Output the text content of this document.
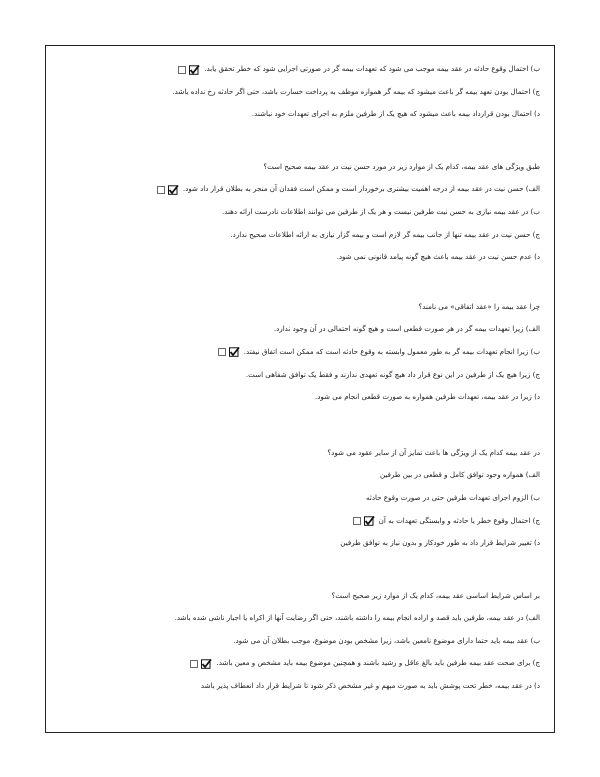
ب) احتمال وقوع حادثه در عقد بیمه موجب می شود که تعهدات بیمه گر در صورتی اجرایی شود که خطر تحقق یابد.
ج) احتمال بودن تعهد بیمه گر باعث میشود که بیمه گر همواره موظف به پرداخت خسارت باشد، حتی اگر حادثه رخ نداده باشد.
د) احتمال بودن قرارداد بیمه باعث میشود که هیچ یک از طرفین ملزم به اجرای تعهدات خود نباشند.
طبق ویژگی های عقد بیمه، کدام یک از موارد زیر در مورد حسن نیت در عقد بیمه صحیح است؟
الف) حسن نیت در عقد بیمه از درجه اهمیت بیشتری برخوردار است و ممکن است فقدان آن منجر به بطلان قرار داد شود.
ب) در عقد بیمه نیازی به حسن نیت طرفین نیست و هر یک از طرفین می توانند اطلاعات نادرست ارائه دهند.
ج) حسن نیت در عقد بیمه تنها از جانب بیمه گر لازم است و بیمه گزار نیازی به ارائه اطلاعات صحیح ندارد.
د) عدم حسن نیت در عقد بیمه باعث هیچ گونه پیامد قانونی نمی شود.
چرا عقد بیمه را «عقد اتفاقی» می نامند؟
الف) زیرا تعهدات بیمه گر در هر صورت قطعی است و هیچ گونه احتمالی در آن وجود ندارد.
ب) زیرا انجام تعهدات بیمه گر به طور معمول وابسته به وقوع حادثه است که ممکن است اتفاق نیفتد.
ج) زیرا هیچ یک از طرفین در این نوع قرار داد هیچ گونه تعهدی ندارند و فقط یک توافق شفاهی است.
د) زیرا در عقد بیمه، تعهدات طرفین همواره به صورت قطعی انجام می شود.
در عقد بیمه کدام یک از ویژگی ها باعث تمایز آن از سایر عقود می شود؟
الف) همواره وجود توافق کامل و قطعی در بین طرفین
ب) الزوم اجرای تعهدات طرفین حتی در صورت وقوع حادثه
ج) احتمال وقوع خطر یا حادثه و وابستگی تعهدات به آن
د) تغییر شرایط قرار داد به طور خودکار و بدون نیاز به توافق طرفین
بر اساس شرایط اساسی عقد بیمه، کدام یک از موارد زیر صحیح است؟
الف) در عقد بیمه، طرفین باید قصد و اراده انجام بیمه را داشته باشند، حتی اگر رضایت آنها از اکراه یا اجبار ناشی شده باشد.
ب) عقد بیمه باید حتما دارای موضوع نامعین باشد، زیرا مشخص بودن موضوع، موجب بطلان آن می شود.
ج) برای صحت عقد بیمه طرفین باید بالغ عاقل و رشید باشند و همچنین موضوع بیمه باید مشخص و معین باشد.
د) در عقد بیمه، خطر تحت پوشش باید به صورت مبهم و غیر مشخص ذکر شود تا شرایط قرار داد انعطاف پذیر باشد
